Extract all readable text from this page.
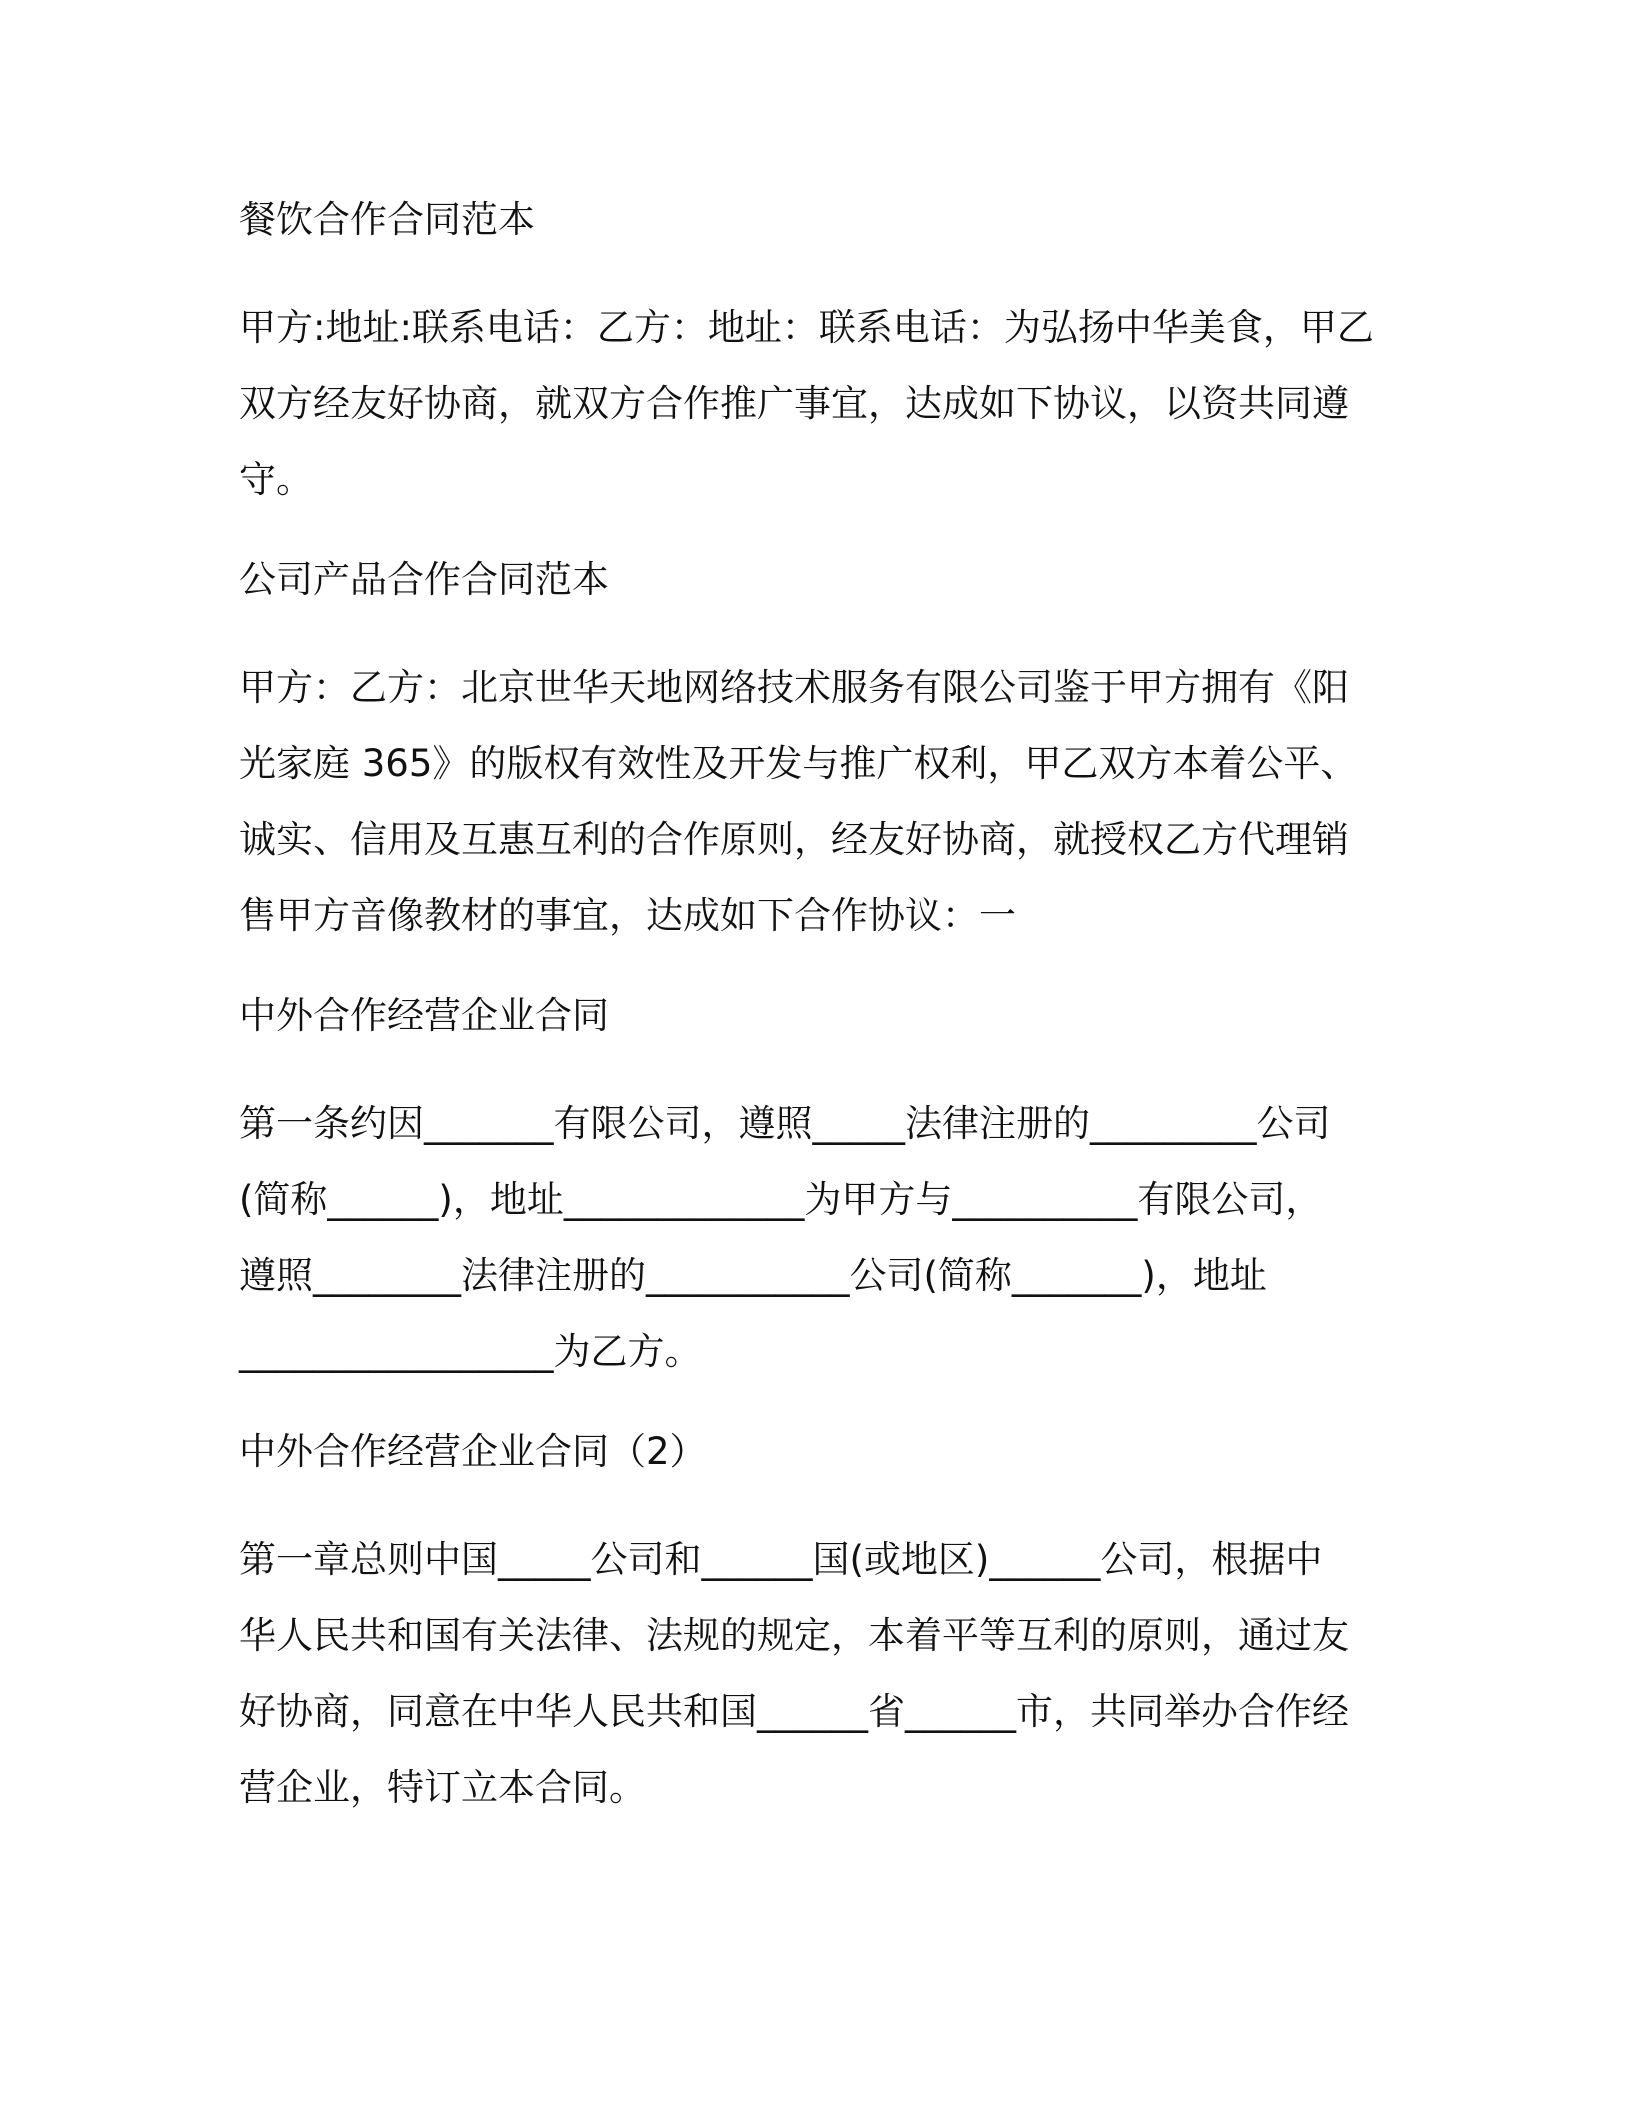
餐饮合作合同范本
甲方:地址:联系电话：乙方：地址：联系电话：为弘扬中华美食，甲乙
双方经友好协商，就双方合作推广事宜，达成如下协议，以资共同遵
守。
公司产品合作合同范本
甲方：乙方：北京世华天地网络技术服务有限公司鉴于甲方拥有《阳
光家庭 365》的版权有效性及开发与推广权利，甲乙双方本着公平、
诚实、信用及互惠互利的合作原则，经友好协商，就授权乙方代理销
售甲方音像教材的事宜，达成如下合作协议：一
中外合作经营企业合同
第一条约因_______有限公司，遵照_____法律注册的_________公司
(简称______)，地址_____________为甲方与__________有限公司，
遵照________法律注册的___________公司(简称_______)，地址
_________________为乙方。
中外合作经营企业合同（2）
第一章总则中国_____公司和______国(或地区)______公司，根据中
华人民共和国有关法律、法规的规定，本着平等互利的原则，通过友
好协商，同意在中华人民共和国______省______市，共同举办合作经
营企业，特订立本合同。
